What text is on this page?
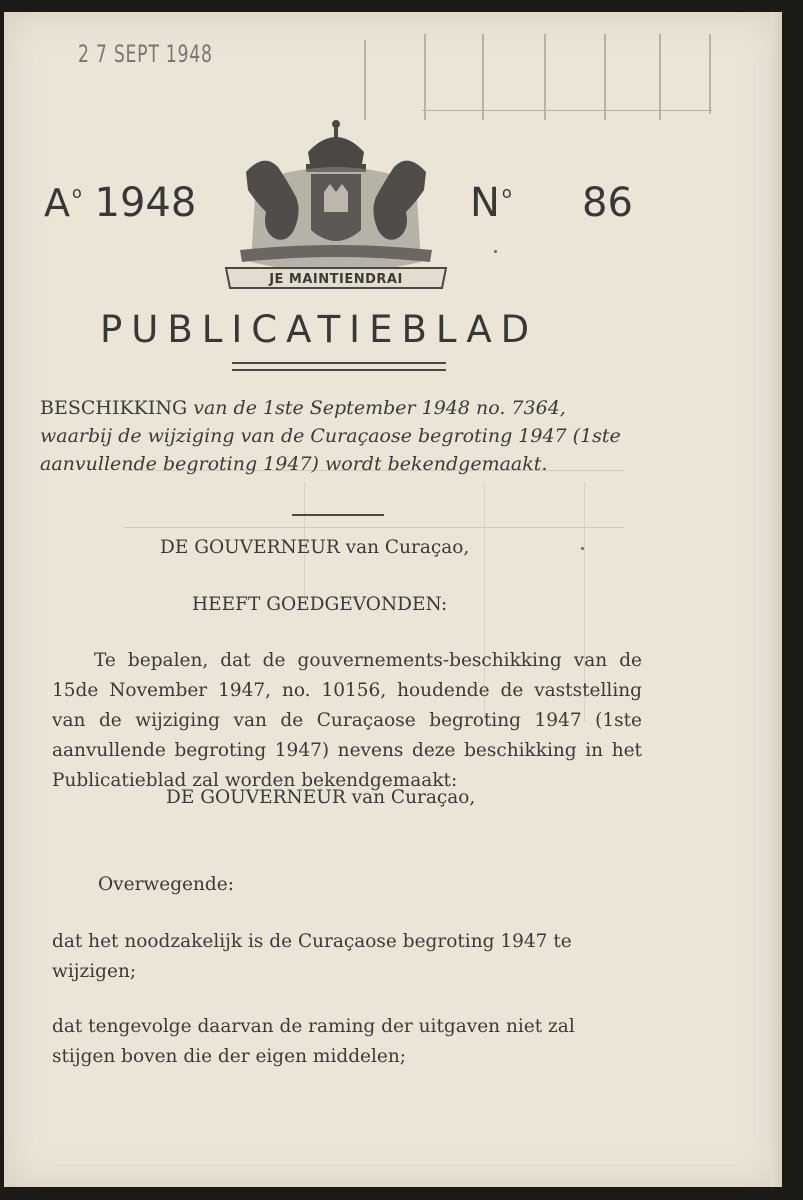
2 7 SEPT 1948
A $^o$ 1948
JE MAINTIENDRAI
N $^o$ 86
PUBLICATIEBLAD
BESCHIKKING van de 1ste September 1948 no. 7364, waarbij de wijziging van de Curaçaose begroting 1947 (1ste aanvullende begroting 1947) wordt bekendgemaakt.
DE GOUVERNEUR van Curaçao,
HEEFT GOEDGEVONDEN:
Te bepalen, dat de gouvernements-beschikking van de 15de November 1947, no. 10156, houdende de vaststelling van de wijziging van de Curaçaose begroting 1947 (1ste aanvullende begroting 1947) nevens deze beschikking in het Publicatieblad zal worden bekendgemaakt:
DE GOUVERNEUR van Curaçao,
Overwegende:
dat het noodzakelijk is de Curaçaose begroting 1947 te wijzigen;
dat tengevolge daarvan de raming der uitgaven niet zal stijgen boven die der eigen middelen;
